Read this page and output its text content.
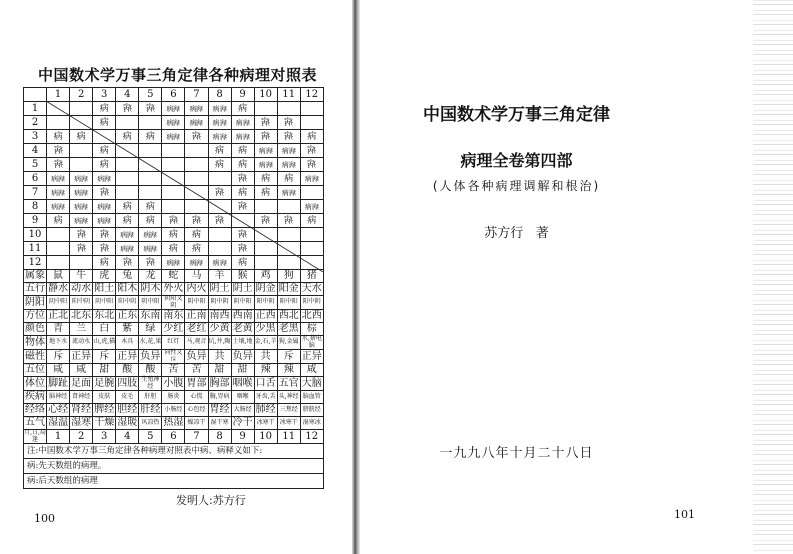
中国数术学万事三角定律各种病理对照表
	1	2	3	4	5	6	7	8	9	10	11	12
1			病	病	病	病病	病病	病病	病			
2			病			病病	病病	病病	病病	病	病	
3	病	病		病	病	病病	病	病病	病病	病	病	病
4	病		病					病	病	病病	病病	病
5	病		病					病	病	病病	病病	病
6	病病	病病	病病						病	病	病	病病
7	病病	病病	病					病	病	病	病病	
8	病病	病病	病病	病	病				病			病病
9	病	病病	病病	病	病	病	病	病		病	病	病
10		病	病	病病	病病	病	病		病			
11		病	病	病病	病病	病	病		病			
12			病	病	病	病病	病病	病病	病			
属象	鼠	牛	虎	兔	龙	蛇	马	羊	猴	鸡	狗	猪
五行	静水	动水	阳土	阳木	阴木	外火	内火	阴土	阴土	阴金	阳金	天水
阴阳	阴中阳	阳中阴	阴中阳	阳中阴	阴中阳	阴阳又阴	阴中阳	阴中阴	阴中阳	阳中阴	阳中阳	阳中阴
方位	正北	北东	东北	正东	东南	南东	正南	南西	西南	正西	西北	北西
颜色	青	兰	白	紫	绿	少红	老红	少黄	老黄	少黑	老黑	棕
物体	地下水	流动水	山,虎,猫	木具	水,花,果	红灯	马,观音	坑,井,陶	土壤,地	金,石,羊	狗,金属	水,猪电脑
磁性	斥	正异	斥	正异	负异	同性又斥	负异	共	负异	共	斥	正异
五位	咸	咸	甜	酸	酸	苦	苦	甜	甜	辣	辣	咸
体位	脚趾	足面	足腕	四肢	生殖神经	小腹	胃部	胸部	咽喉	口舌	五官	大脑
疾病	脑神经	肾神经	皮肤	皮毛	肝胆	肠炎	心慌	胸,胃病	咽喉	牙齿,舌	头,神经	脑血管
经络	心经	肾经	脾经	胆经	肝经	小肠经	心包经	胃经	大肠经	肺经	三焦经	膀胱经
五气	湿温	湿寒	干燥	湿暖	风凉热	热湿	燥凉干	湿干寒	冷干	冰寒干	冰寒干	湿寒冰
月,日,局逢	1	2	3	4	5	6	7	8	9	10	11	12
注:中国数术学万事三角定律各种病理对照表中病、病释义如下:												
病:先天数组的病理。												
病:后天数组的病理												
发明人:苏方行
100
中国数术学万事三角定律
病理全卷第四部
(人体各种病理调解和根治)
苏方行   著
一九九八年十月二十八日
101
